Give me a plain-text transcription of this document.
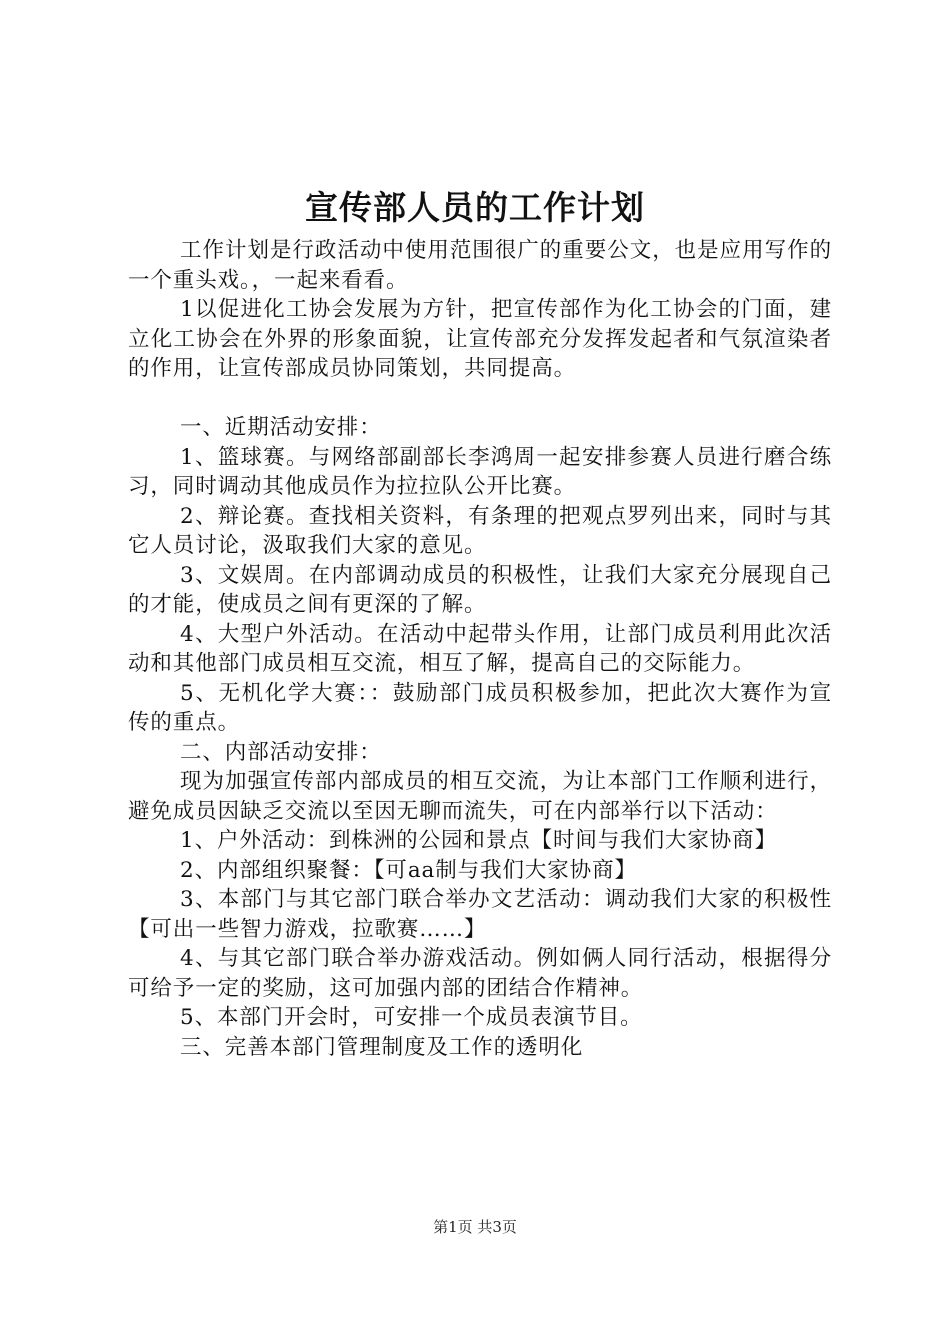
宣传部人员的工作计划

工作计划是行政活动中使用范围很广的重要公文，也是应用写作的一个重头戏。，一起来看看。

1以促进化工协会发展为方针，把宣传部作为化工协会的门面，建立化工协会在外界的形象面貌，让宣传部充分发挥发起者和气氛渲染者的作用，让宣传部成员协同策划，共同提高。

一、近期活动安排：

1、篮球赛。与网络部副部长李鸿周一起安排参赛人员进行磨合练习，同时调动其他成员作为拉拉队公开比赛。

2、辩论赛。查找相关资料，有条理的把观点罗列出来，同时与其它人员讨论，汲取我们大家的意见。

3、文娱周。在内部调动成员的积极性，让我们大家充分展现自己的才能，使成员之间有更深的了解。

4、大型户外活动。在活动中起带头作用，让部门成员利用此次活动和其他部门成员相互交流，相互了解，提高自己的交际能力。

5、无机化学大赛：：鼓励部门成员积极参加，把此次大赛作为宣传的重点。

二、内部活动安排：

现为加强宣传部内部成员的相互交流，为让本部门工作顺利进行，避免成员因缺乏交流以至因无聊而流失，可在内部举行以下活动：

1、户外活动：到株洲的公园和景点【时间与我们大家协商】

2、内部组织聚餐：【可aa制与我们大家协商】

3、本部门与其它部门联合举办文艺活动：调动我们大家的积极性【可出一些智力游戏，拉歌赛……】

4、与其它部门联合举办游戏活动。例如俩人同行活动，根据得分可给予一定的奖励，这可加强内部的团结合作精神。

5、本部门开会时，可安排一个成员表演节目。

三、完善本部门管理制度及工作的透明化

第1页 共3页
